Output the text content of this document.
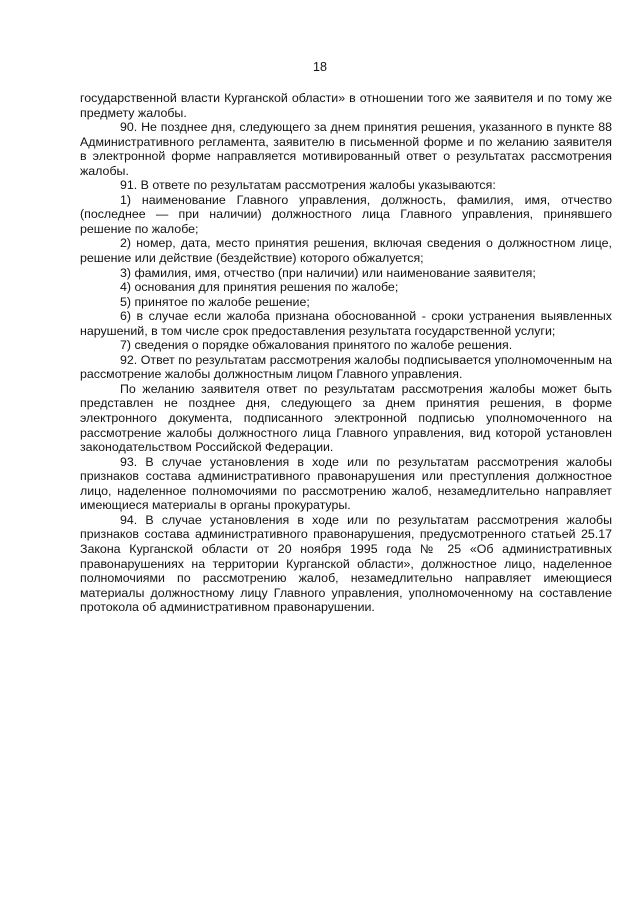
18

государственной власти Курганской области» в отношении того же заявителя и по тому же предмету жалобы.

90. Не позднее дня, следующего за днем принятия решения, указанного в пункте 88 Административного регламента, заявителю в письменной форме и по желанию заявителя в электронной форме направляется мотивированный ответ о результатах рассмотрения жалобы.

91. В ответе по результатам рассмотрения жалобы указываются:

1) наименование Главного управления, должность, фамилия, имя, отчество (последнее — при наличии) должностного лица Главного управления, принявшего решение по жалобе;

2) номер, дата, место принятия решения, включая сведения о должностном лице, решение или действие (бездействие) которого обжалуется;

3) фамилия, имя, отчество (при наличии) или наименование заявителя;

4) основания для принятия решения по жалобе;

5) принятое по жалобе решение;

6) в случае если жалоба признана обоснованной - сроки устранения выявленных нарушений, в том числе срок предоставления результата государственной услуги;

7) сведения о порядке обжалования принятого по жалобе решения.

92. Ответ по результатам рассмотрения жалобы подписывается уполномоченным на рассмотрение жалобы должностным лицом Главного управления.

По желанию заявителя ответ по результатам рассмотрения жалобы может быть представлен не позднее дня, следующего за днем принятия решения, в форме электронного документа, подписанного электронной подписью уполномоченного на рассмотрение жалобы должностного лица Главного управления, вид которой установлен законодательством Российской Федерации.

93. В случае установления в ходе или по результатам рассмотрения жалобы признаков состава административного правонарушения или преступления должностное лицо, наделенное полномочиями по рассмотрению жалоб, незамедлительно направляет имеющиеся материалы в органы прокуратуры.

94. В случае установления в ходе или по результатам рассмотрения жалобы признаков состава административного правонарушения, предусмотренного статьей 25.17 Закона Курганской области от 20 ноября 1995 года № 25 «Об административных правонарушениях на территории Курганской области», должностное лицо, наделенное полномочиями по рассмотрению жалоб, незамедлительно направляет имеющиеся материалы должностному лицу Главного управления, уполномоченному на составление протокола об административном правонарушении.
